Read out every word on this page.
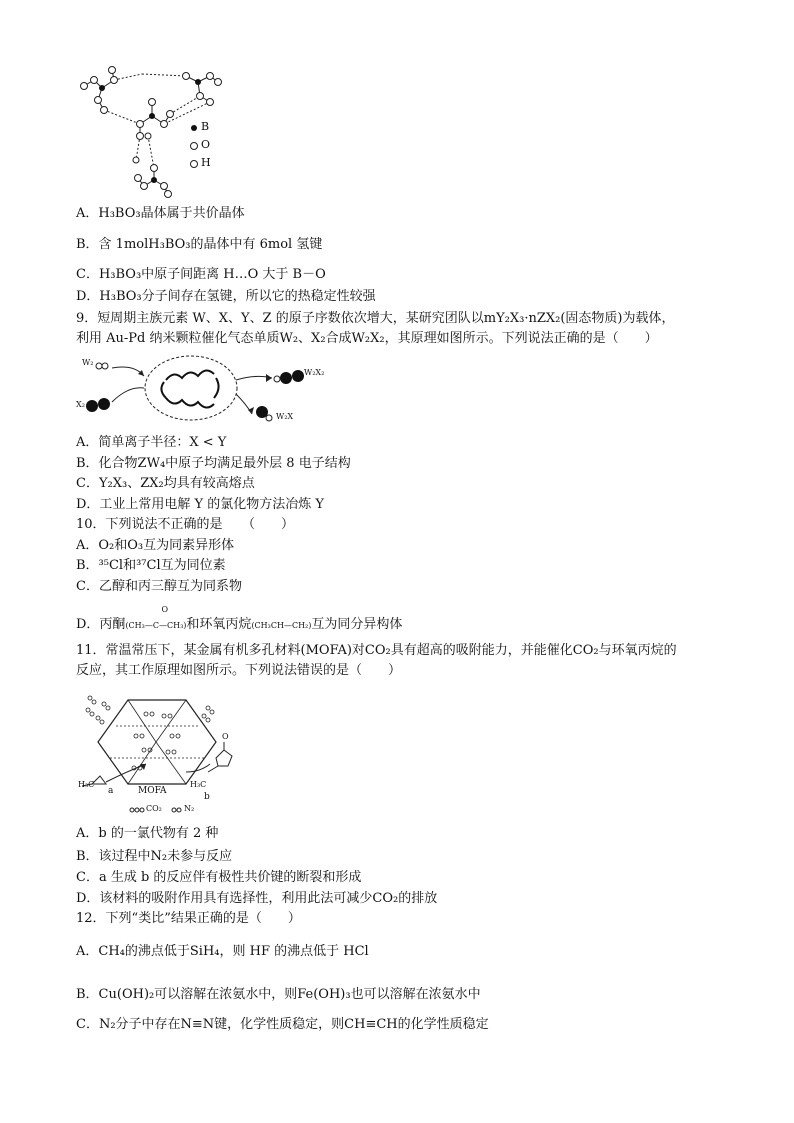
B
O
H
A．H₃BO₃晶体属于共价晶体
B．含 1molH₃BO₃的晶体中有 6mol 氢键
C．H₃BO₃中原子间距离 H…O 大于 B－O
D．H₃BO₃分子间存在氢键，所以它的热稳定性较强
9．短周期主族元素 W、X、Y、Z 的原子序数依次增大，某研究团队以mY₂X₃·nZX₂(固态物质)为载体，
利用 Au-Pd 纳米颗粒催化气态单质W₂、X₂合成W₂X₂，其原理如图所示。下列说法正确的是（　　）
W₂
X₂
W₂X₂
W₂X
A．简单离子半径：X < Y
B．化合物ZW₄中原子均满足最外层 8 电子结构
C．Y₂X₃、ZX₂均具有较高熔点
D．工业上常用电解 Y 的氯化物方法冶炼 Y
10．下列说法不正确的是　　（　　）
A．O₂和O₃互为同素异形体
B．³⁵Cl和³⁷Cl互为同位素
C．乙醇和丙三醇互为同系物
D．丙酮
O
(CH₃—C—CH₃)和环氧丙烷(CH₃CH—CH₂)互为同分异构体
11．常温常压下，某金属有机多孔材料(MOFA)对CO₂具有超高的吸附能力，并能催化CO₂与环氧丙烷的
反应，其工作原理如图所示。下列说法错误的是（　　）
H₃C
a	MOFA
H₃C
b
O
CO₂	N₂
A．b 的一氯代物有 2 种
B．该过程中N₂未参与反应
C．a 生成 b 的反应伴有极性共价键的断裂和形成
D．该材料的吸附作用具有选择性，利用此法可减少CO₂的排放
12．下列“类比”结果正确的是（　　）
A．CH₄的沸点低于SiH₄，则 HF 的沸点低于 HCl
B．Cu(OH)₂可以溶解在浓氨水中，则Fe(OH)₃也可以溶解在浓氨水中
C．N₂分子中存在N≡N键，化学性质稳定，则CH≡CH的化学性质稳定
